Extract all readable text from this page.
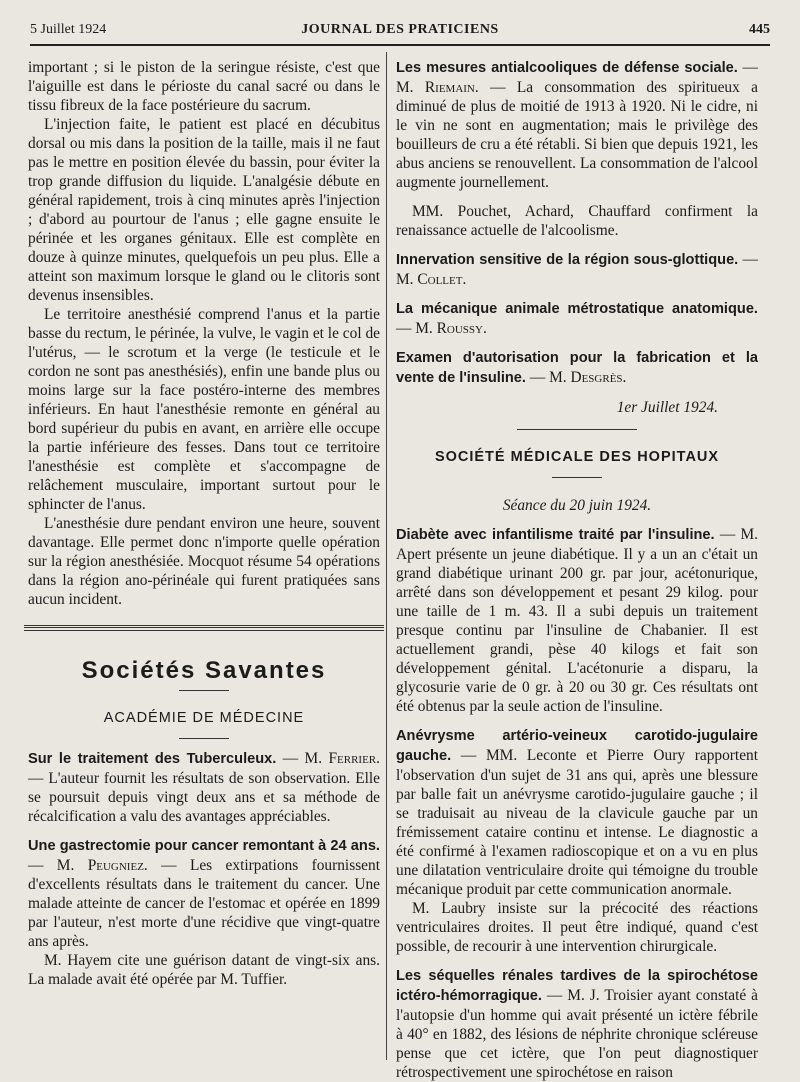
5 Juillet 1924	JOURNAL DES PRATICIENS	445

important ; si le piston de la seringue résiste, c'est que l'aiguille est dans le périoste du canal sacré ou dans le tissu fibreux de la face postérieure du sacrum.

L'injection faite, le patient est placé en décubitus dorsal ou mis dans la position de la taille, mais il ne faut pas le mettre en position élevée du bassin, pour éviter la trop grande diffusion du liquide. L'analgésie débute en général rapidement, trois à cinq minutes après l'injection ; d'abord au pourtour de l'anus ; elle gagne ensuite le périnée et les organes génitaux. Elle est complète en douze à quinze minutes, quelquefois un peu plus. Elle a atteint son maximum lorsque le gland ou le clitoris sont devenus insensibles.

Le territoire anesthésié comprend l'anus et la partie basse du rectum, le périnée, la vulve, le vagin et le col de l'utérus, — le scrotum et la verge (le testicule et le cordon ne sont pas anesthésiés), enfin une bande plus ou moins large sur la face postéro-interne des membres inférieurs. En haut l'anesthésie remonte en général au bord supérieur du pubis en avant, en arrière elle occupe la partie inférieure des fesses. Dans tout ce territoire l'anesthésie est complète et s'accompagne de relâchement musculaire, important surtout pour le sphincter de l'anus.

L'anesthésie dure pendant environ une heure, souvent davantage. Elle permet donc n'importe quelle opération sur la région anesthésiée. Mocquot résume 54 opérations dans la région ano-périnéale qui furent pratiquées sans aucun incident.

Sociétés Savantes
ACADÉMIE DE MÉDECINE

Sur le traitement des Tuberculeux. — M. Ferrier. — L'auteur fournit les résultats de son observation. Elle se poursuit depuis vingt deux ans et sa méthode de récalcification a valu des avantages appréciables.

Une gastrectomie pour cancer remontant à 24 ans. — M. Peugniez. — Les extirpations fournissent d'excellents résultats dans le traitement du cancer. Une malade atteinte de cancer de l'estomac et opérée en 1899 par l'auteur, n'est morte d'une récidive que vingt-quatre ans après.

M. Hayem cite une guérison datant de vingt-six ans. La malade avait été opérée par M. Tuffier.

Les mesures antialcooliques de défense sociale. — M. Riemain. — La consommation des spiritueux a diminué de plus de moitié de 1913 à 1920. Ni le cidre, ni le vin ne sont en augmentation; mais le privilège des bouilleurs de cru a été rétabli. Si bien que depuis 1921, les abus anciens se renouvellent. La consommation de l'alcool augmente journellement.

MM. Pouchet, Achard, Chauffard confirment la renaissance actuelle de l'alcoolisme.

Innervation sensitive de la région sous-glottique. — M. Collet.

La mécanique animale métrostatique anatomique. — M. Roussy.

Examen d'autorisation pour la fabrication et la vente de l'insuline. — M. Desgrès.

1er Juillet 1924.
SOCIÉTÉ MÉDICALE DES HOPITAUX
Séance du 20 juin 1924.

Diabète avec infantilisme traité par l'insuline. — M. Apert présente un jeune diabétique. Il y a un an c'était un grand diabétique urinant 200 gr. par jour, acétonurique, arrêté dans son développement et pesant 29 kilog. pour une taille de 1 m. 43. Il a subi depuis un traitement presque continu par l'insuline de Chabanier. Il est actuellement grandi, pèse 40 kilogs et fait son développement génital. L'acétonurie a disparu, la glycosurie varie de 0 gr. à 20 ou 30 gr. Ces résultats ont été obtenus par la seule action de l'insuline.

Anévrysme artério-veineux carotido-jugulaire gauche. — MM. Leconte et Pierre Oury rapportent l'observation d'un sujet de 31 ans qui, après une blessure par balle fait un anévrysme carotido-jugulaire gauche ; il se traduisait au niveau de la clavicule gauche par un frémissement cataire continu et intense. Le diagnostic a été confirmé à l'examen radioscopique et on a vu en plus une dilatation ventriculaire droite qui témoigne du trouble mécanique produit par cette communication anormale.

M. Laubry insiste sur la précocité des réactions ventriculaires droites. Il peut être indiqué, quand c'est possible, de recourir à une intervention chirurgicale.

Les séquelles rénales tardives de la spirochétose ictéro-hémorragique. — M. J. Troisier ayant constaté à l'autopsie d'un homme qui avait présenté un ictère fébrile à 40° en 1882, des lésions de néphrite chronique scléreuse pense que cet ictère, que l'on peut diagnostiquer rétrospectivement une spirochétose en raison
